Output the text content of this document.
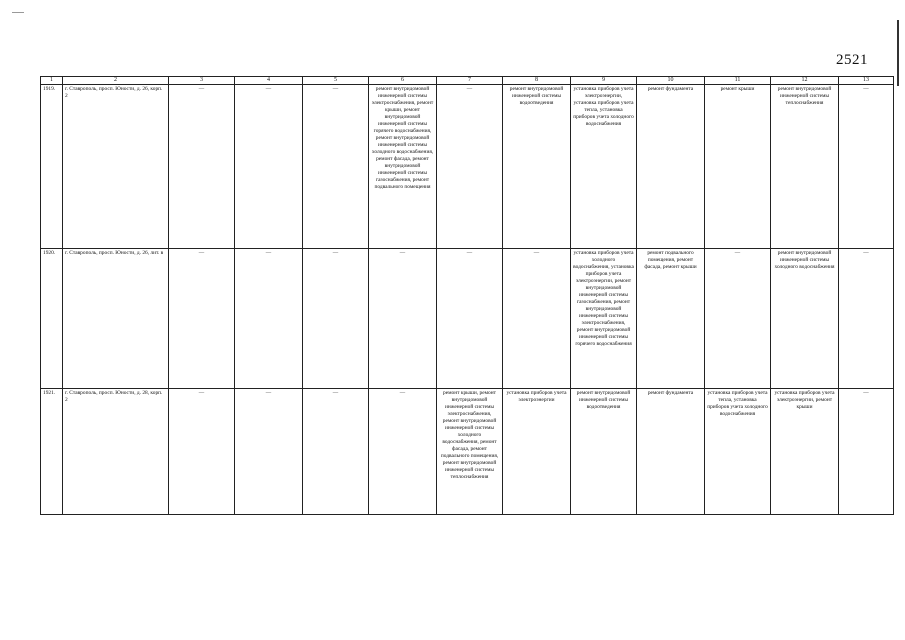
2521
1	2	3	4	5	6	7	8	9	10	11	12	13
1919.	г. Ставрополь, просп. Юности, д. 26, корп. 2	—	—	—	ремонт внутридомовой инженерной системы электроснабжения, ремонт крыши, ремонт внутридомовой инженерной системы горячего водоснабжения, ремонт внутридомовой инженерной системы холодного водоснабжения, ремонт фасада, ремонт внутридомовой инженерной системы газоснабжения, ремонт подвального помещения	—	ремонт внутридомовой инженерной системы водоотведения	установка приборов учета электроэнергии, установка приборов учета тепла, установка приборов учета холодного водоснабжения	ремонт фундамента	ремонт крыши	ремонт внутридомовой инженерной системы теплоснабжения	—
1920.	г. Ставрополь, просп. Юности, д. 26, лит. в	—	—	—	—	—	—	установка приборов учета холодного водоснабжения, установка приборов учета электроэнергии, ремонт внутридомовой инженерной системы газоснабжения, ремонт внутридомовой инженерной системы электроснабжения, ремонт внутридомовой инженерной системы горячего водоснабжения	ремонт подвального помещения, ремонт фасада, ремонт крыши	—	ремонт внутридомовой инженерной системы холодного водоснабжения	—
1921.	г. Ставрополь, просп. Юности, д. 28, корп. 2	—	—	—	—	ремонт крыши, ремонт внутридомовой инженерной системы электроснабжения, ремонт внутридомовой инженерной системы холодного водоснабжения, ремонт фасада, ремонт подвального помещения, ремонт внутридомовой инженерной системы теплоснабжения	установка приборов учета электроэнергии	ремонт внутридомовой инженерной системы водоотведения	ремонт фундамента	установка приборов учета тепла, установка приборов учета холодного водоснабжения	установка приборов учета электроэнергии, ремонт крыши	—
